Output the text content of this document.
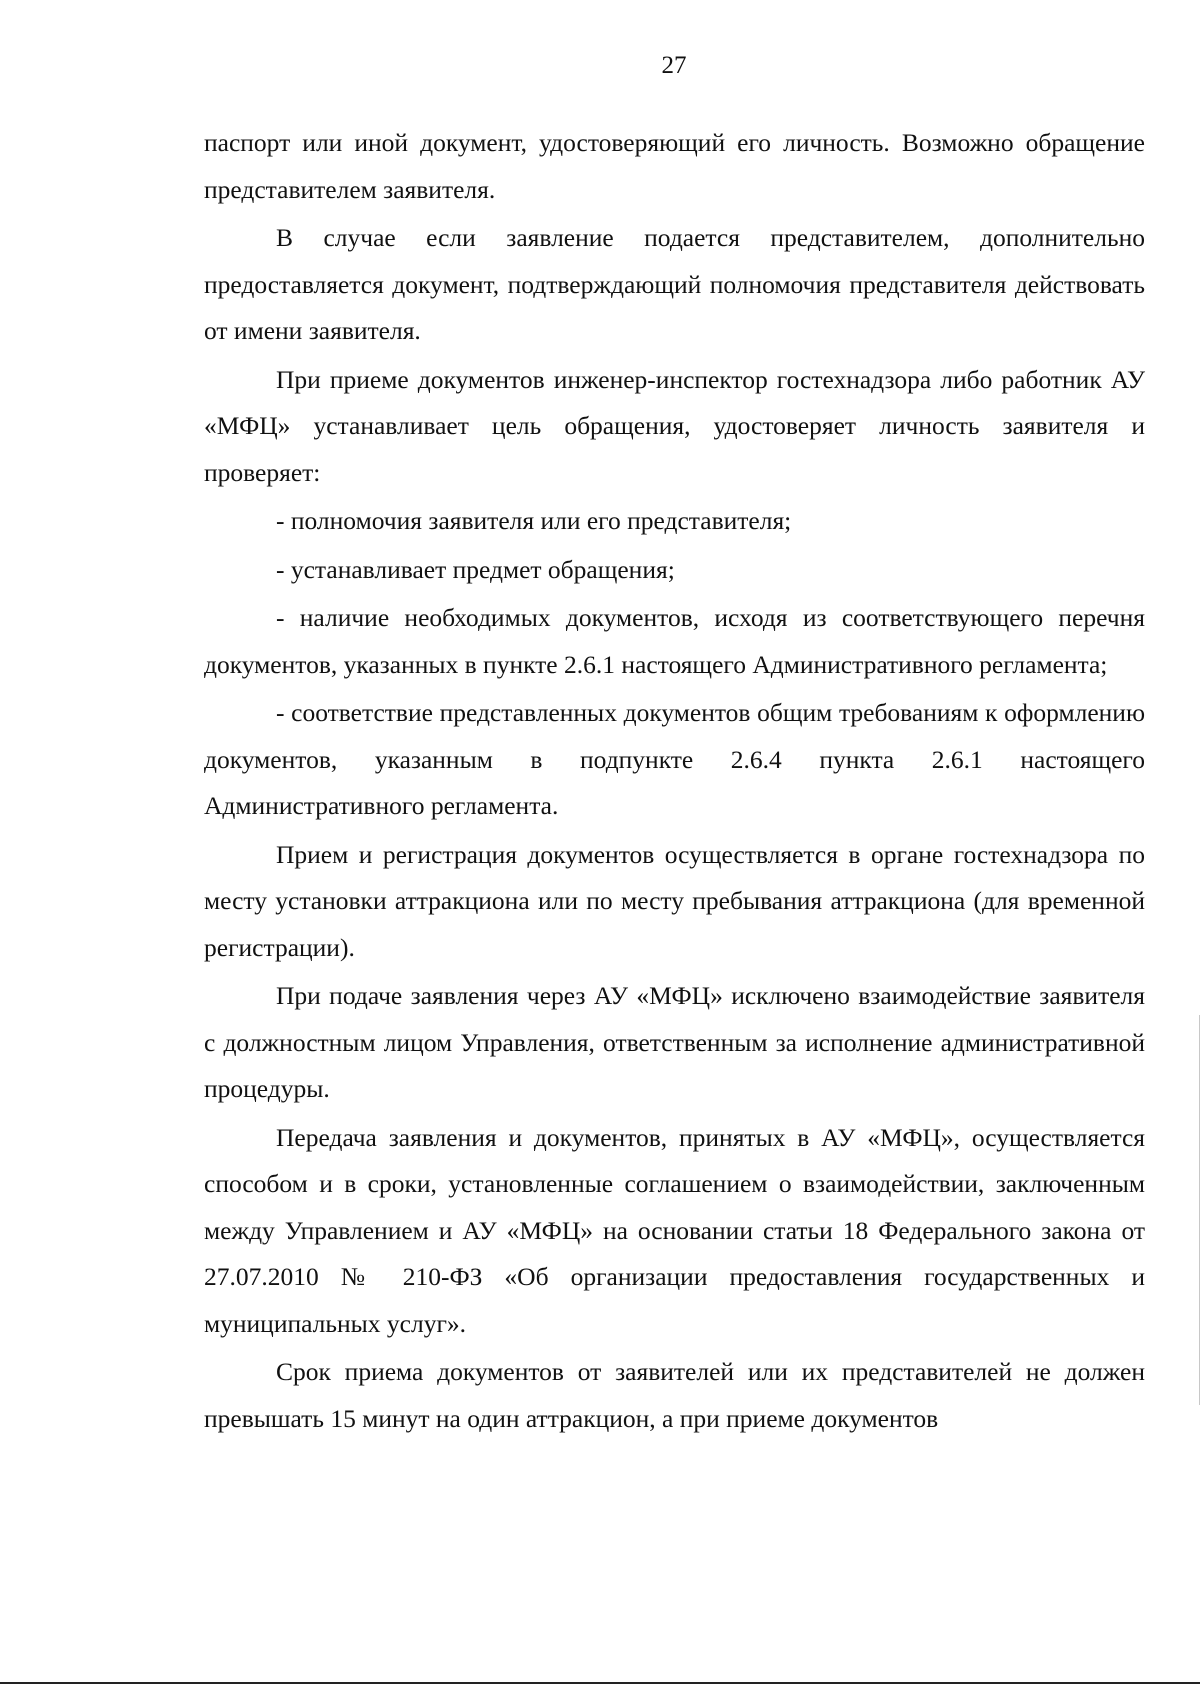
27

паспорт или иной документ, удостоверяющий его личность. Возможно обращение представителем заявителя.

В случае если заявление подается представителем, дополнительно предоставляется документ, подтверждающий полномочия представителя действовать от имени заявителя.

При приеме документов инженер-инспектор гостехнадзора либо работник АУ «МФЦ» устанавливает цель обращения, удостоверяет личность заявителя и проверяет:

- полномочия заявителя или его представителя;

- устанавливает предмет обращения;

- наличие необходимых документов, исходя из соответствующего перечня документов, указанных в пункте 2.6.1 настоящего Административного регламента;

- соответствие представленных документов общим требованиям к оформлению документов, указанным в подпункте 2.6.4 пункта 2.6.1 настоящего Административного регламента.

Прием и регистрация документов осуществляется в органе гостехнадзора по месту установки аттракциона или по месту пребывания аттракциона (для временной регистрации).

При подаче заявления через АУ «МФЦ» исключено взаимодействие заявителя с должностным лицом Управления, ответственным за исполнение административной процедуры.

Передача заявления и документов, принятых в АУ «МФЦ», осуществляется способом и в сроки, установленные соглашением о взаимодействии, заключенным между Управлением и АУ «МФЦ» на основании статьи 18 Федерального закона от 27.07.2010 № 210-ФЗ «Об организации предоставления государственных и муниципальных услуг».

Срок приема документов от заявителей или их представителей не должен превышать 15 минут на один аттракцион, а при приеме документов
